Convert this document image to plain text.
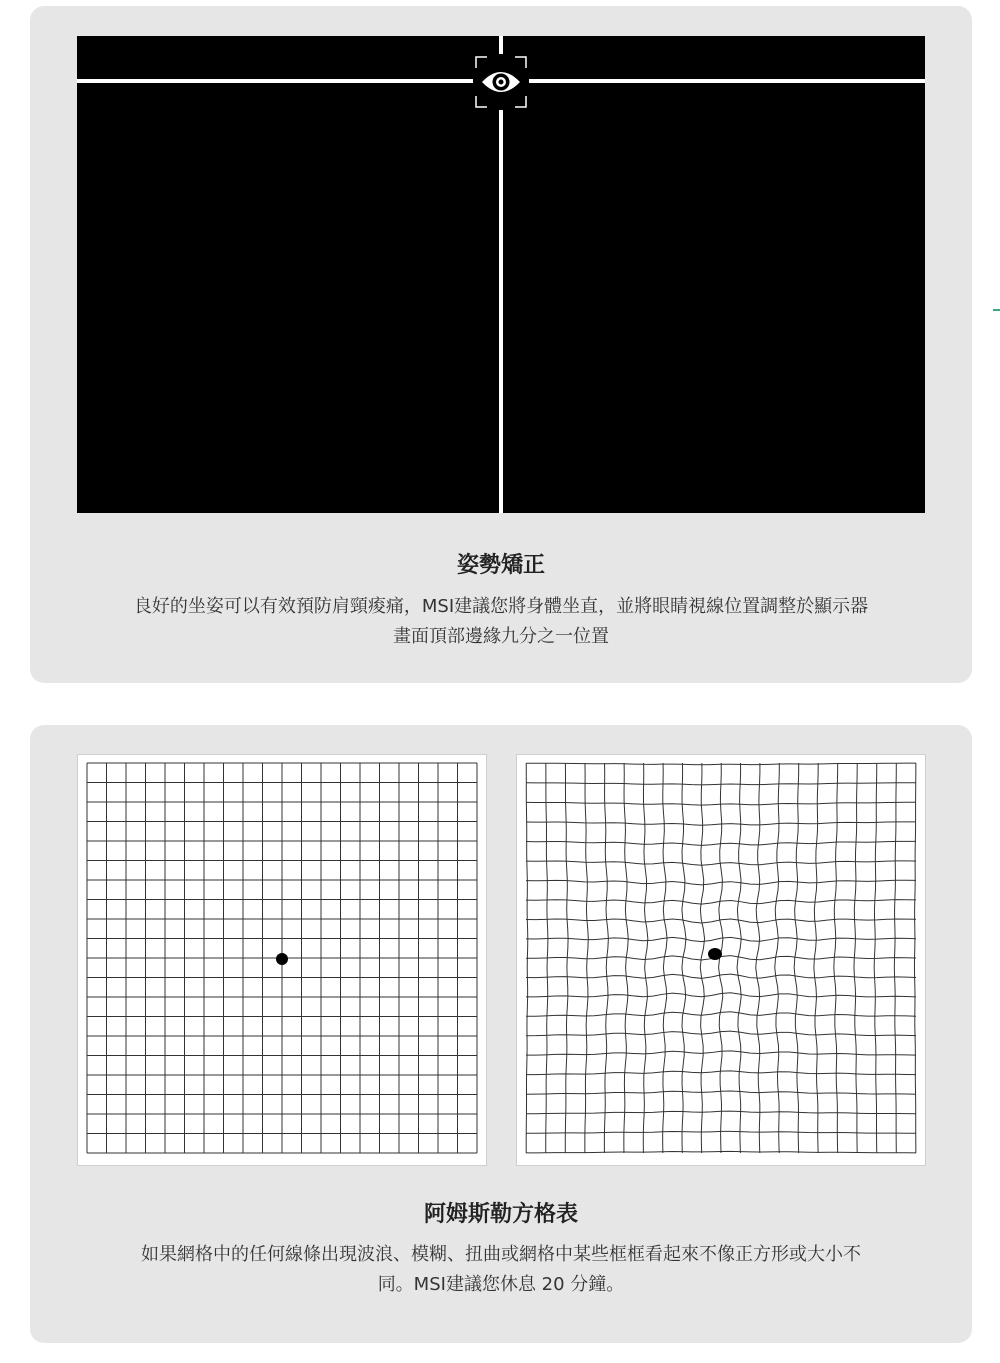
姿勢矯正
良好的坐姿可以有效預防肩頸痠痛，MSI建議您將身體坐直，並將眼睛視線位置調整於顯示器
畫面頂部邊緣九分之一位置
阿姆斯勒方格表
如果網格中的任何線條出現波浪、模糊、扭曲或網格中某些框框看起來不像正方形或大小不
同。MSI建議您休息 20 分鐘。
